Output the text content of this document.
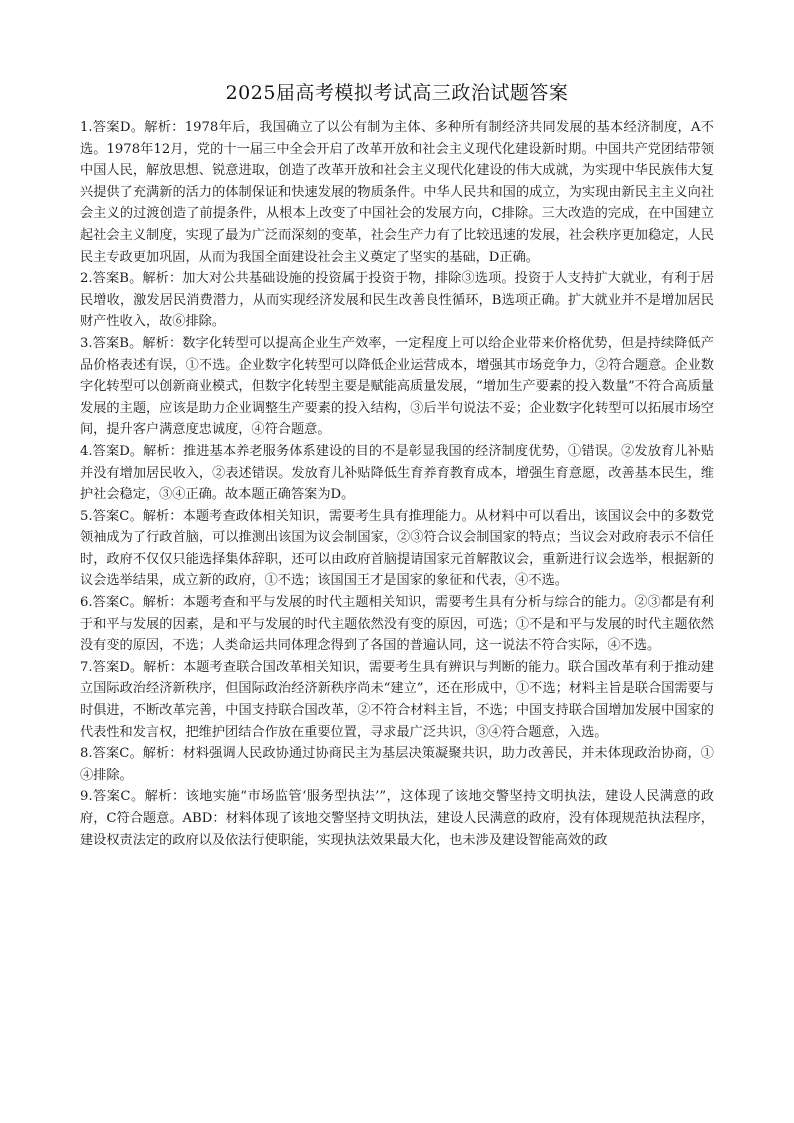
2025届高考模拟考试高三政治试题答案

1.答案D。解析：1978年后，我国确立了以公有制为主体、多种所有制经济共同发展的基本经济制度，A不选。1978年12月，党的十一届三中全会开启了改革开放和社会主义现代化建设新时期。中国共产党团结带领中国人民，解放思想、锐意进取，创造了改革开放和社会主义现代化建设的伟大成就，为实现中华民族伟大复兴提供了充满新的活力的体制保证和快速发展的物质条件。中华人民共和国的成立，为实现由新民主主义向社会主义的过渡创造了前提条件，从根本上改变了中国社会的发展方向，C排除。三大改造的完成，在中国建立起社会主义制度，实现了最为广泛而深刻的变革，社会生产力有了比较迅速的发展，社会秩序更加稳定，人民民主专政更加巩固，从而为我国全面建设社会主义奠定了坚实的基础，D正确。

2.答案B。解析：加大对公共基础设施的投资属于投资于物，排除③选项。投资于人支持扩大就业，有利于居民增收，激发居民消费潜力，从而实现经济发展和民生改善良性循环，B选项正确。扩大就业并不是增加居民财产性收入，故⑥排除。

3.答案B。解析：数字化转型可以提高企业生产效率，一定程度上可以给企业带来价格优势，但是持续降低产品价格表述有误，①不选。企业数字化转型可以降低企业运营成本，增强其市场竞争力，②符合题意。企业数字化转型可以创新商业模式，但数字化转型主要是赋能高质量发展，“增加生产要素的投入数量”不符合高质量发展的主题，应该是助力企业调整生产要素的投入结构，③后半句说法不妥；企业数字化转型可以拓展市场空间，提升客户满意度忠诚度，④符合题意。

4.答案D。解析：推进基本养老服务体系建设的目的不是彰显我国的经济制度优势，①错误。②发放育儿补贴并没有增加居民收入，②表述错误。发放育儿补贴降低生育养育教育成本，增强生育意愿，改善基本民生，维护社会稳定，③④正确。故本题正确答案为D。

5.答案C。解析：本题考查政体相关知识，需要考生具有推理能力。从材料中可以看出，该国议会中的多数党领袖成为了行政首脑，可以推测出该国为议会制国家，②③符合议会制国家的特点；当议会对政府表示不信任时，政府不仅仅只能选择集体辞职，还可以由政府首脑提请国家元首解散议会，重新进行议会选举，根据新的议会选举结果，成立新的政府，①不选；该国国王才是国家的象征和代表，④不选。

6.答案C。解析：本题考查和平与发展的时代主题相关知识，需要考生具有分析与综合的能力。②③都是有利于和平与发展的因素，是和平与发展的时代主题依然没有变的原因，可选；①不是和平与发展的时代主题依然没有变的原因，不选；人类命运共同体理念得到了各国的普遍认同，这一说法不符合实际，④不选。

7.答案D。解析：本题考查联合国改革相关知识，需要考生具有辨识与判断的能力。联合国改革有利于推动建立国际政治经济新秩序，但国际政治经济新秩序尚未“建立”，还在形成中，①不选；材料主旨是联合国需要与时俱进，不断改革完善，中国支持联合国改革，②不符合材料主旨，不选；中国支持联合国增加发展中国家的代表性和发言权，把维护团结合作放在重要位置，寻求最广泛共识，③④符合题意，入选。

8.答案C。解析：材料强调人民政协通过协商民主为基层决策凝聚共识，助力改善民，并未体现政治协商，①④排除。

9.答案C。解析：该地实施“市场监管‘服务型执法’”，这体现了该地交警坚持文明执法，建设人民满意的政府，C符合题意。ABD：材料体现了该地交警坚持文明执法，建设人民满意的政府，没有体现规范执法程序，建设权责法定的政府以及依法行使职能，实现执法效果最大化，也未涉及建设智能高效的政
